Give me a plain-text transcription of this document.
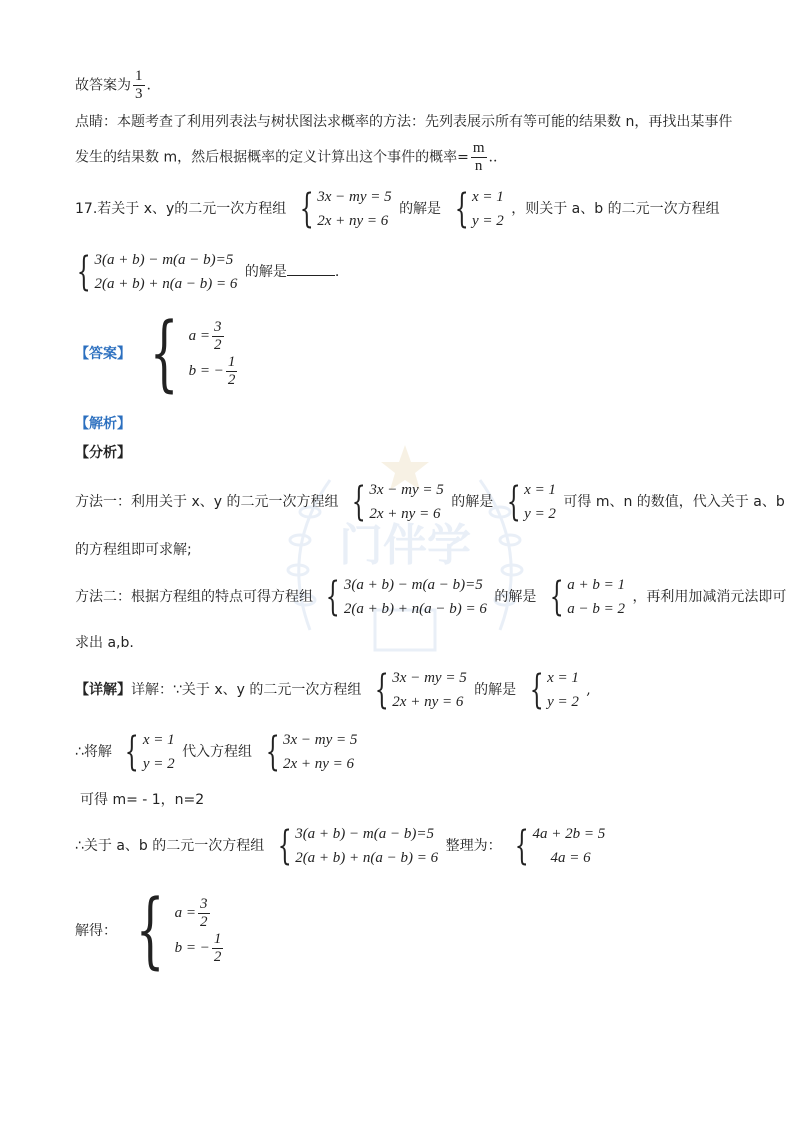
门伴学
故答案为 $\frac{1}{3}$ .
点睛：本题考查了利用列表法与树状图法求概率的方法：先列表展示所有等可能的结果数 n，再找出某事件
发生的结果数 m，然后根据概率的定义计算出这个事件的概率= $\frac{m}{n}$ ..
17.若关于 x、y的二元一次方程组 { 3x − my = 5
2x + ny = 6
的解是 { x = 1
y = 2
，则关于 a、b 的二元一次方程组
{ 3(a + b) − m(a − b)=5
2(a + b) + n(a − b) = 6
的解是	.
【答案】 { $a = \frac{3}{2}$
b = − $\frac{1}{2}$
【解析】
【分析】
方法一：利用关于 x、y 的二元一次方程组 { 3x − my = 5
2x + ny = 6
的解是 { x = 1
y = 2
可得 m、n 的数值，代入关于 a、b
的方程组即可求解;
方法二：根据方程组的特点可得方程组 { 3(a + b) − m(a − b)=5
2(a + b) + n(a − b) = 6
的解是 { a + b = 1
a − b = 2
，再利用加减消元法即可
求出 a,b.
【详解】详解：∵关于 x、y 的二元一次方程组 { 3x − my = 5
2x + ny = 6
的解是 { x = 1
y = 2
,
∴将解 { x = 1
y = 2
代入方程组 { 3x − my = 5
2x + ny = 6
可得 m= - 1，n=2
∴关于 a、b 的二元一次方程组 { 3(a + b) − m(a − b)=5
2(a + b) + n(a − b) = 6
整理为： { 4a + 2b = 5
4a = 6
解得： { $a = \frac{3}{2}$
b = − $\frac{1}{2}$
